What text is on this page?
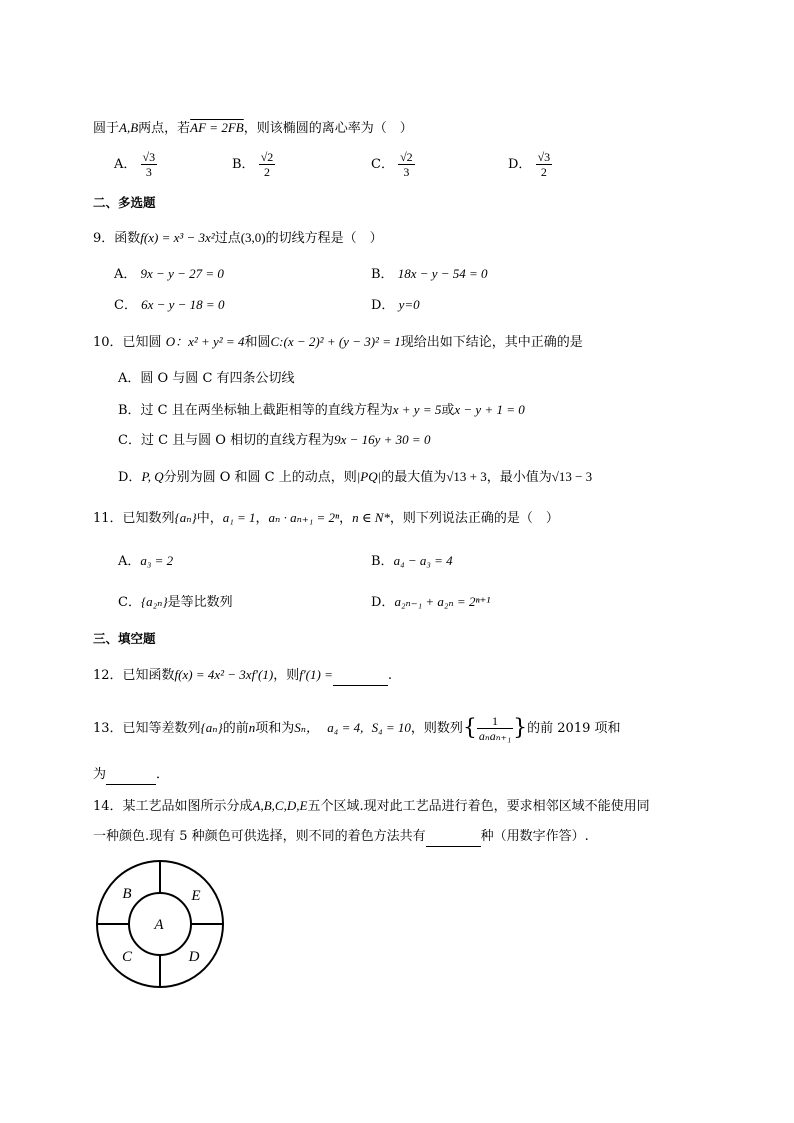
圆于A,B两点，若AF = 2FB，则该椭圆的离心率为（　）
A． $\frac{√3}{3}$	B． $\frac{√2}{2}$	C． $\frac{√2}{3}$	D． $\frac{√3}{2}$
二、多选题
9．函数f(x) = x³ − 3x²过点(3,0)的切线方程是（　）
A． 9x − y − 27 = 0	B． 18x − y − 54 = 0
C． 6x − y − 18 = 0	D． y=0
10．已知圆 O：x² + y² = 4和圆C:(x − 2)² + (y − 3)² = 1现给出如下结论，其中正确的是
A．圆 O 与圆 C 有四条公切线
B．过 C 且在两坐标轴上截距相等的直线方程为x + y = 5或x − y + 1 = 0
C．过 C 且与圆 O 相切的直线方程为9x − 16y + 30 = 0
D．P, Q分别为圆 O 和圆 C 上的动点，则|PQ|的最大值为√13 + 3，最小值为√13 − 3
11．已知数列{aₙ}中，a₁ = 1，aₙ · aₙ₊₁ = 2ⁿ，n ∈ N*，则下列说法正确的是（　）
A．a₃ = 2	B．a₄ − a₃ = 4
C．{a₂ₙ}是等比数列	D．a₂ₙ₋₁ + a₂ₙ = 2ⁿ⁺¹
三、填空题
12．已知函数f(x) = 4x² − 3xf′(1)，则f′(1) =	.
13．已知等差数列{aₙ}的前n项和为Sₙ， a₄ = 4, S₄ = 10，则数列{ $\frac{1}{\text{aₙaₙ₊₁}}$ }的前 2019 项和
为	．
14．某工艺品如图所示分成A,B,C,D,E五个区域.现对此工艺品进行着色，要求相邻区域不能使用同
一种颜色.现有 5 种颜色可供选择，则不同的着色方法共有	种（用数字作答）.
A
B	E
C	D
